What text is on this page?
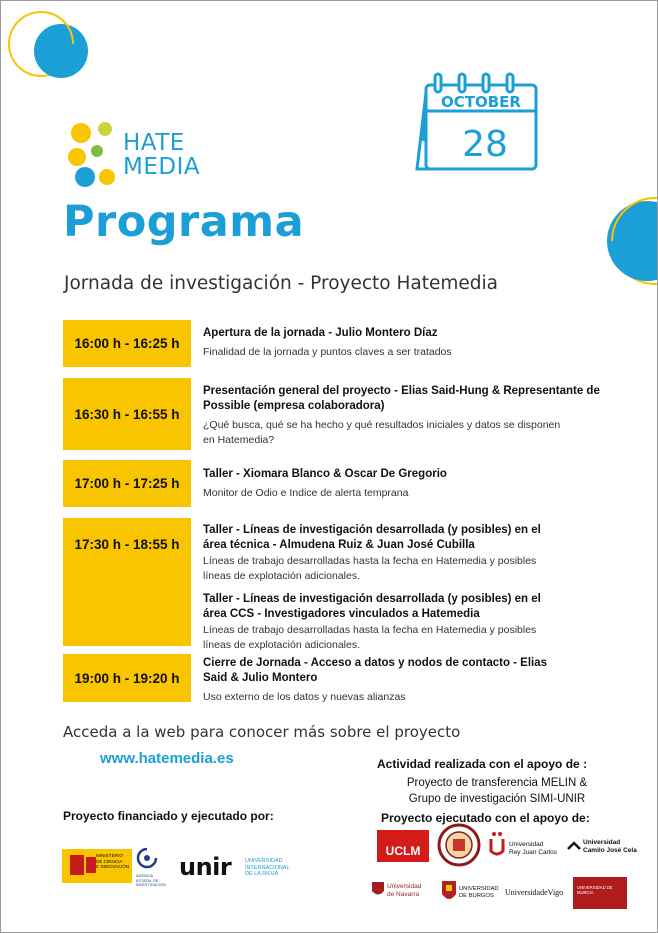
OCTOBER
28
HATE
MEDIA
Programa
Jornada de investigación - Proyecto Hatemedia
16:00 h - 16:25 h
Apertura de la jornada - Julio Montero Díaz
Finalidad de la jornada y puntos claves a ser tratados
16:30 h - 16:55 h
Presentación general del proyecto - Elias Said-Hung & Representante de
Possible (empresa colaboradora)
¿Qué busca, qué se ha hecho y qué resultados iniciales y datos se disponen
en Hatemedia?
17:00 h - 17:25 h
Taller - Xiomara Blanco & Oscar De Gregorio
Monitor de Odio e Indice de alerta temprana
17:30 h - 18:55 h
Taller - Líneas de investigación desarrollada (y posibles) en el
área técnica - Almudena Ruiz & Juan José Cubilla
Líneas de trabajo desarrolladas hasta la fecha en Hatemedia y posibles
líneas de explotación adicionales.
Taller - Líneas de investigación desarrollada (y posibles) en el
área CCS - Investigadores vinculados a Hatemedia
Líneas de trabajo desarrolladas hasta la fecha en Hatemedia y posibles
líneas de explotación adicionales.
19:00 h - 19:20 h
Cierre de Jornada - Acceso a datos y nodos de contacto - Elias
Said & Julio Montero
Uso externo de los datos y nuevas alianzas
Acceda a la web para conocer más sobre el proyecto
www.hatemedia.es	Actividad realizada con el apoyo de :
Proyecto de transferencia MELIN &
Grupo de investigación SIMI-UNIR
Proyecto ejecutado con el apoyo de:
Proyecto financiado y ejecutado por:
MINISTERIO
DE CIENCIA
E INNOVACIÓN
AGENCIA
ESTATAL DE
INVESTIGACIÓN
unir	UNIVERSIDAD
INTERNACIONAL
DE LA RIOJA
UCLM	Universidad
Rey Juan Carlos
Universidad
Camilo José Cela
Universidad
de Navarra
UNIVERSIDAD
DE BURGOS	UniversidadeVigo
UNIVERSIDAD DE
MURCIA
